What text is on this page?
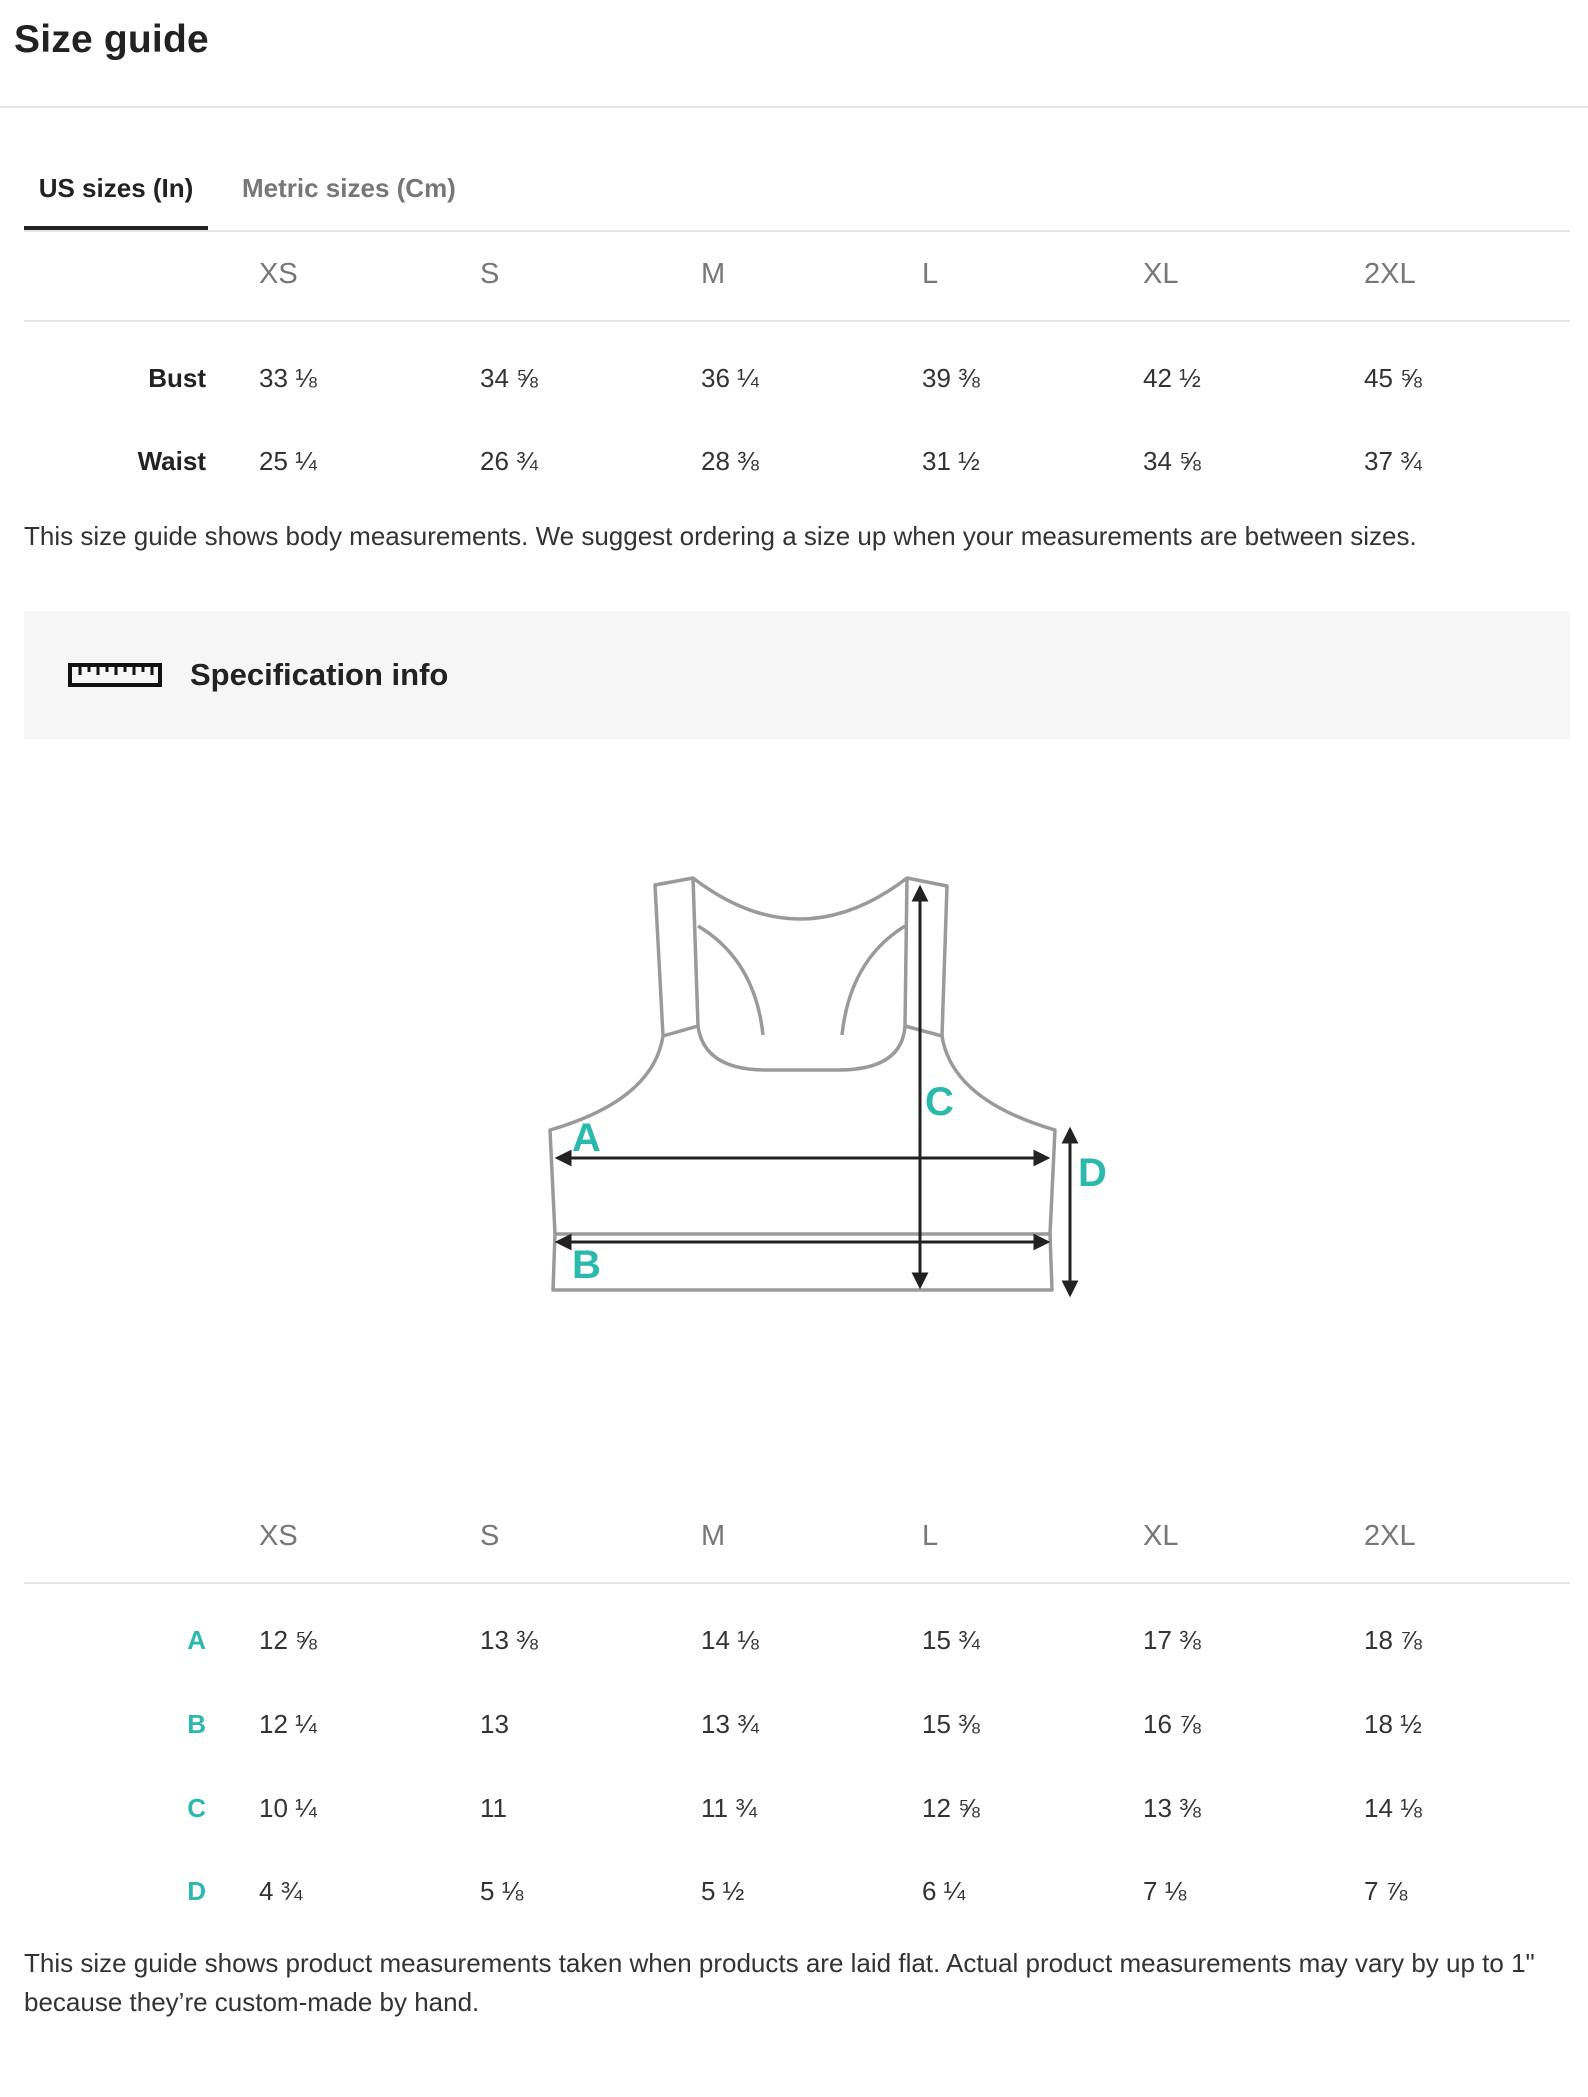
Size guide
US sizes (In)	Metric sizes (Cm)
XS	S	M	L	XL	2XL
Bust 33 ⅛	34 ⅝	36 ¼	39 ⅜	42 ½	45 ⅝
Waist 25 ¼	26 ¾	28 ⅜	31 ½	34 ⅝	37 ¾

This size guide shows body measurements. We suggest ordering a size up when your measurements are between sizes.

Specification info
A
B
C
D
XS	S	M	L	XL	2XL
A 12 ⅝	13 ⅜	14 ⅛	15 ¾	17 ⅜	18 ⅞
B 12 ¼	13	13 ¾	15 ⅜	16 ⅞	18 ½
C 10 ¼	11	11 ¾	12 ⅝	13 ⅜	14 ⅛
D 4 ¾	5 ⅛	5 ½	6 ¼	7 ⅛	7 ⅞

This size guide shows product measurements taken when products are laid flat. Actual product measurements may vary by up to 1" because they’re custom-made by hand.
